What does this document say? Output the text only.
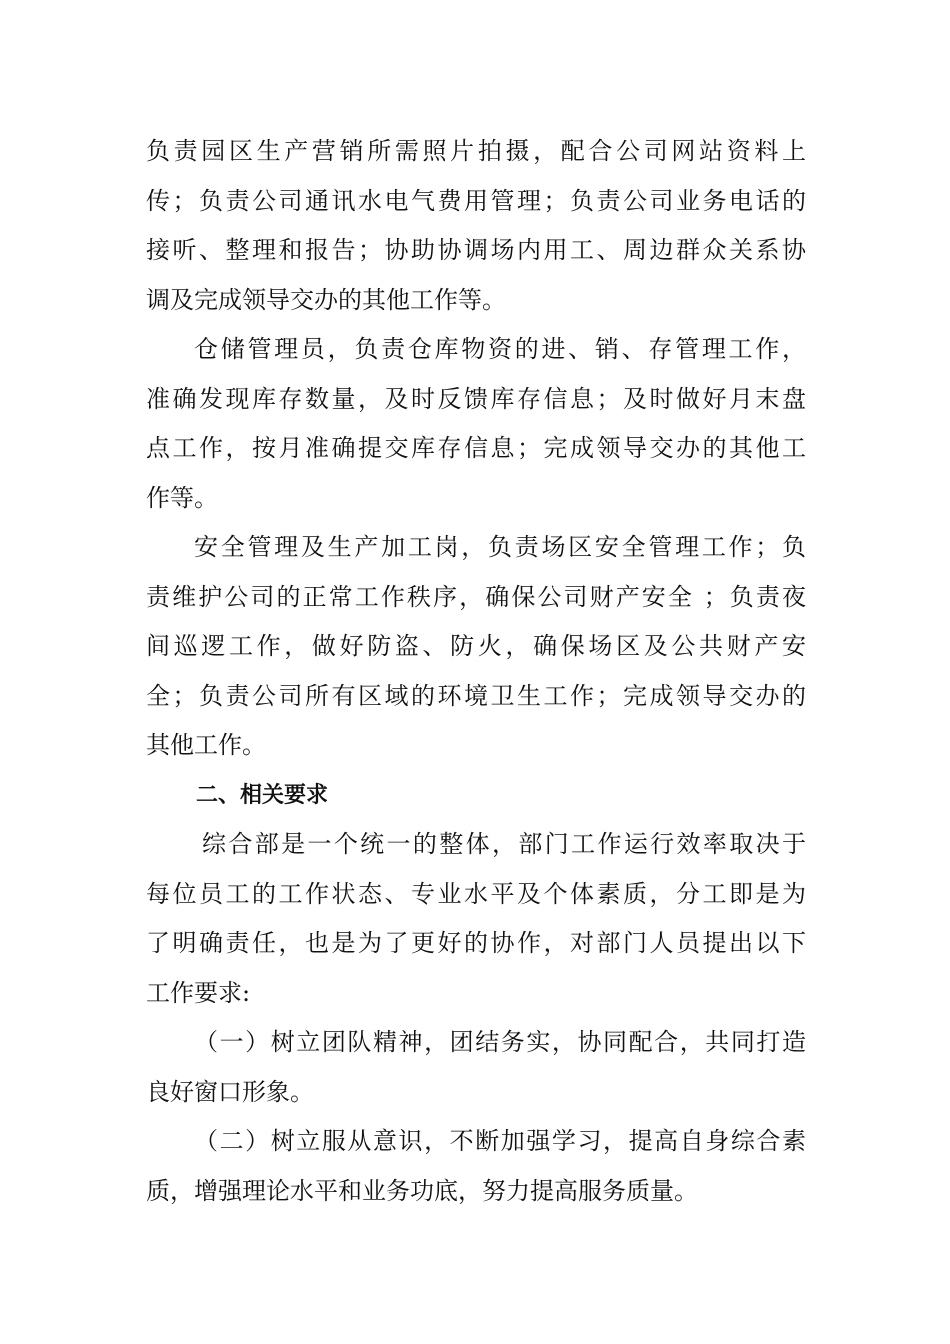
负责园区生产营销所需照片拍摄，配合公司网站资料上
传；负责公司通讯水电气费用管理；负责公司业务电话的
接听、整理和报告；协助协调场内用工、周边群众关系协
调及完成领导交办的其他工作等。
仓储管理员，负责仓库物资的进、销、存管理工作，
准确发现库存数量，及时反馈库存信息；及时做好月末盘
点工作，按月准确提交库存信息；完成领导交办的其他工
作等。
安全管理及生产加工岗，负责场区安全管理工作；负
责维护公司的正常工作秩序，确保公司财产安全 ；负责夜
间巡逻工作，做好防盗、防火，确保场区及公共财产安
全；负责公司所有区域的环境卫生工作；完成领导交办的
其他工作。
二、相关要求
综合部是一个统一的整体，部门工作运行效率取决于
每位员工的工作状态、专业水平及个体素质，分工即是为
了明确责任，也是为了更好的协作，对部门人员提出以下
工作要求:
（一）树立团队精神，团结务实，协同配合，共同打造
良好窗口形象。
（二）树立服从意识，不断加强学习，提高自身综合素
质，增强理论水平和业务功底，努力提高服务质量。
